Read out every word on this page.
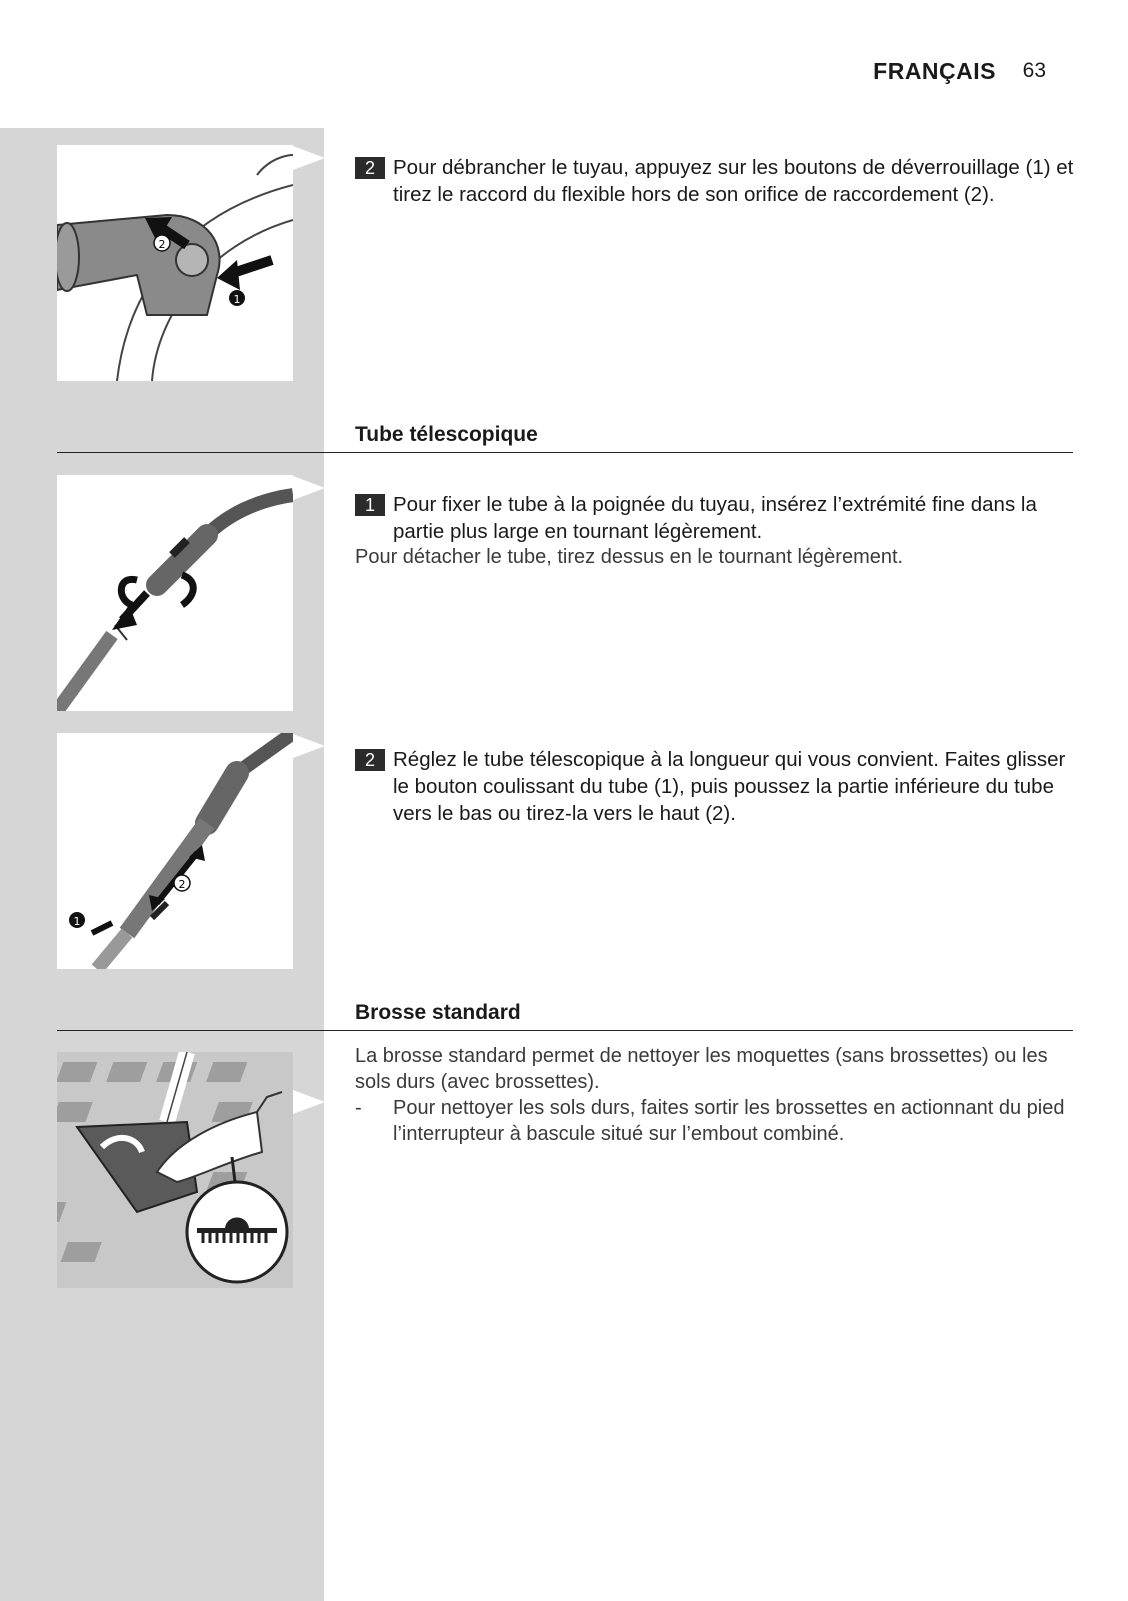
FRANÇAIS 63
2
1
2 Pour débrancher le tuyau, appuyez sur les boutons de déverrouillage (1) et tirez le raccord du flexible hors de son orifice de raccordement (2).
Tube télescopique
1 Pour fixer le tube à la poignée du tuyau, insérez l’extrémité fine dans la partie plus large en tournant légèrement.
Pour détacher le tube, tirez dessus en le tournant légèrement.
2
1
2 Réglez le tube télescopique à la longueur qui vous convient. Faites glisser le bouton coulissant du tube (1), puis poussez la partie inférieure du tube vers le bas ou tirez-la vers le haut (2).
Brosse standard
La brosse standard permet de nettoyer les moquettes (sans brossettes) ou les sols durs (avec brossettes).
- Pour nettoyer les sols durs, faites sortir les brossettes en actionnant du pied l’interrupteur à bascule situé sur l’embout combiné.
